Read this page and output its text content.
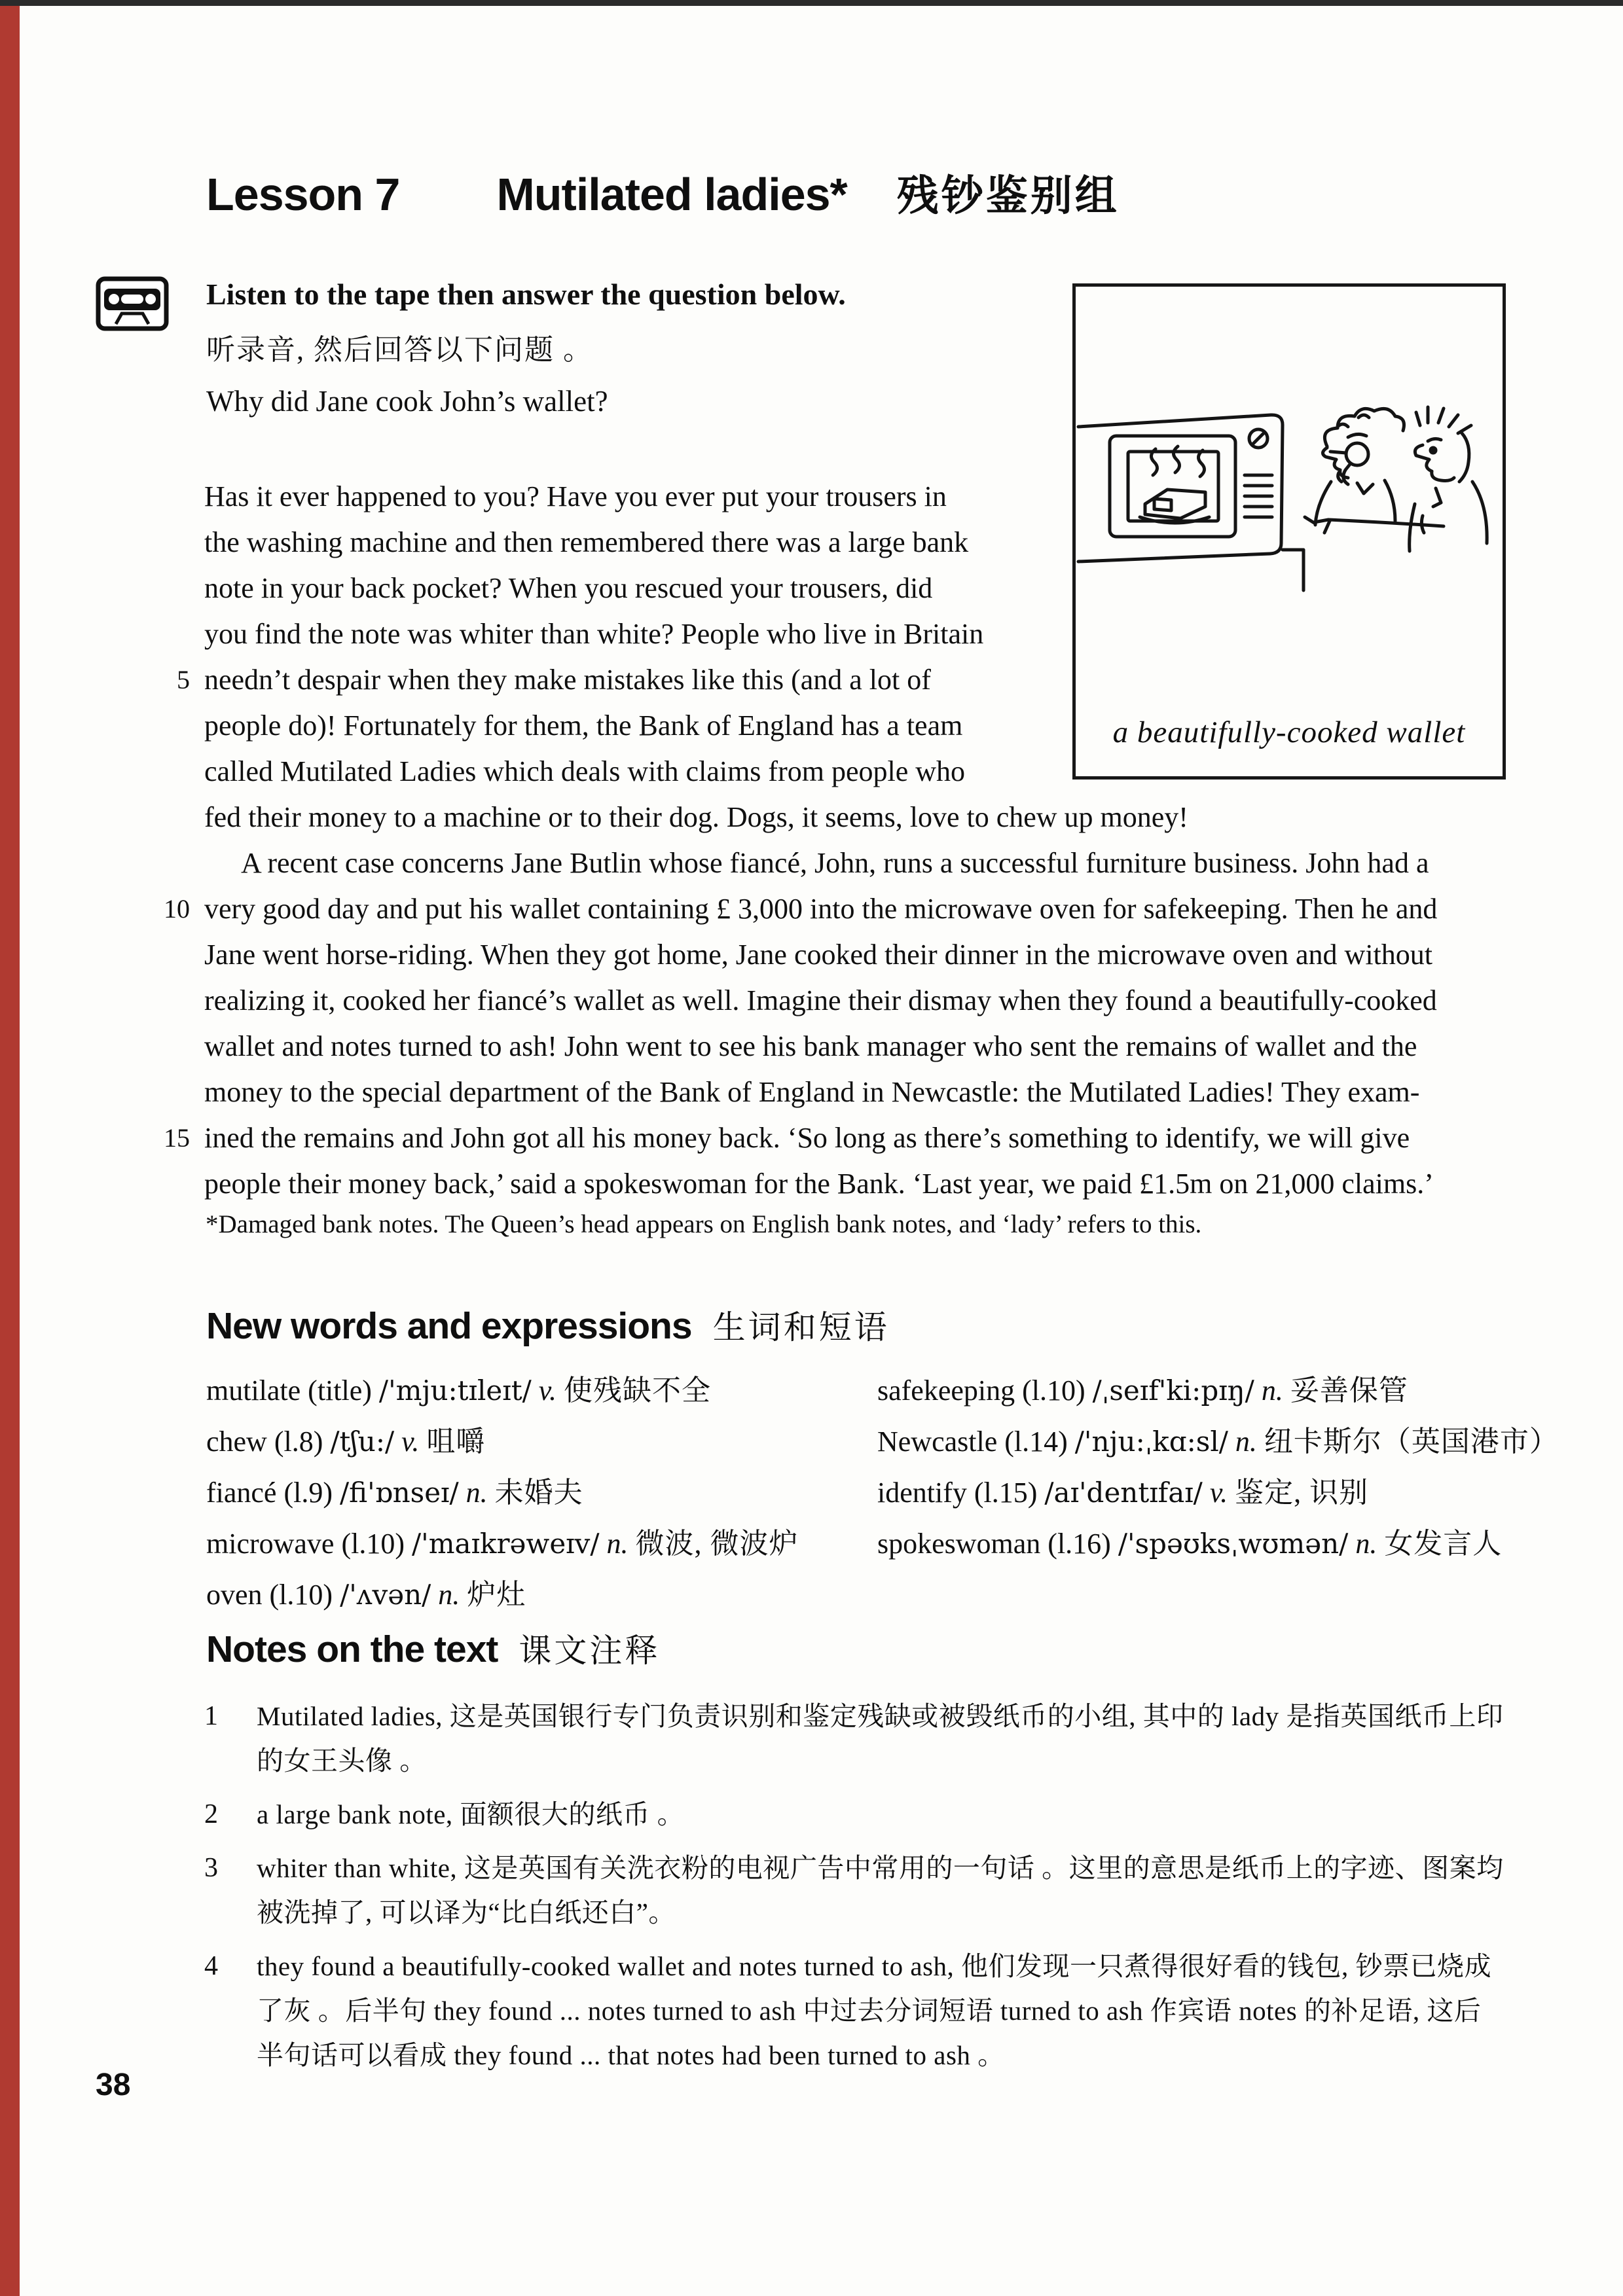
Lesson 7 Mutilated ladies* 残钞鉴别组
Listen to the tape then answer the question below.
听录音, 然后回答以下问题 。
Why did Jane cook John’s wallet?
a beautifully-cooked wallet
Has it ever happened to you? Have you ever put your trousers in
the washing machine and then remembered there was a large bank
note in your back pocket? When you rescued your trousers, did
you find the note was whiter than white? People who live in Britain
5 needn’t despair when they make mistakes like this (and a lot of
people do)! Fortunately for them, the Bank of England has a team
called Mutilated Ladies which deals with claims from people who
fed their money to a machine or to their dog. Dogs, it seems, love to chew up money!
A recent case concerns Jane Butlin whose fiancé, John, runs a successful furniture business. John had a
10 very good day and put his wallet containing £ 3,000 into the microwave oven for safekeeping. Then he and
Jane went horse-riding. When they got home, Jane cooked their dinner in the microwave oven and without
realizing it, cooked her fiancé’s wallet as well. Imagine their dismay when they found a beautifully-cooked
wallet and notes turned to ash! John went to see his bank manager who sent the remains of wallet and the
money to the special department of the Bank of England in Newcastle: the Mutilated Ladies! They exam-
15 ined the remains and John got all his money back. ‘So long as there’s something to identify, we will give
people their money back,’ said a spokeswoman for the Bank. ‘Last year, we paid £1.5m on 21,000 claims.’
*Damaged bank notes. The Queen’s head appears on English bank notes, and ‘lady’ refers to this.
New words and expressions 生词和短语
mutilate (title) /'mju:tɪleɪt/ v. 使残缺不全
chew (l.8) /tʃu:/ v. 咀嚼
fiancé (l.9) /fi'ɒnseɪ/ n. 未婚夫
microwave (l.10) /'maɪkrəweɪv/ n. 微波, 微波炉
oven (l.10) /'ʌvən/ n. 炉灶
safekeeping (l.10) /ˌseɪf'ki:pɪŋ/ n. 妥善保管
Newcastle (l.14) /'nju:ˌkɑ:sl/ n. 纽卡斯尔（英国港市）
identify (l.15) /aɪ'dentɪfaɪ/ v. 鉴定, 识别
spokeswoman (l.16) /'spəʊksˌwʊmən/ n. 女发言人
Notes on the text 课文注释
1 Mutilated ladies, 这是英国银行专门负责识别和鉴定残缺或被毁纸币的小组, 其中的 lady 是指英国纸币上印
的女王头像 。
2 a large bank note, 面额很大的纸币 。
3 whiter than white, 这是英国有关洗衣粉的电视广告中常用的一句话 。这里的意思是纸币上的字迹、图案均
被洗掉了, 可以译为“比白纸还白”。
4 they found a beautifully-cooked wallet and notes turned to ash, 他们发现一只煮得很好看的钱包, 钞票已烧成
了灰 。后半句 they found ... notes turned to ash 中过去分词短语 turned to ash 作宾语 notes 的补足语, 这后
半句话可以看成 they found ... that notes had been turned to ash 。
38
